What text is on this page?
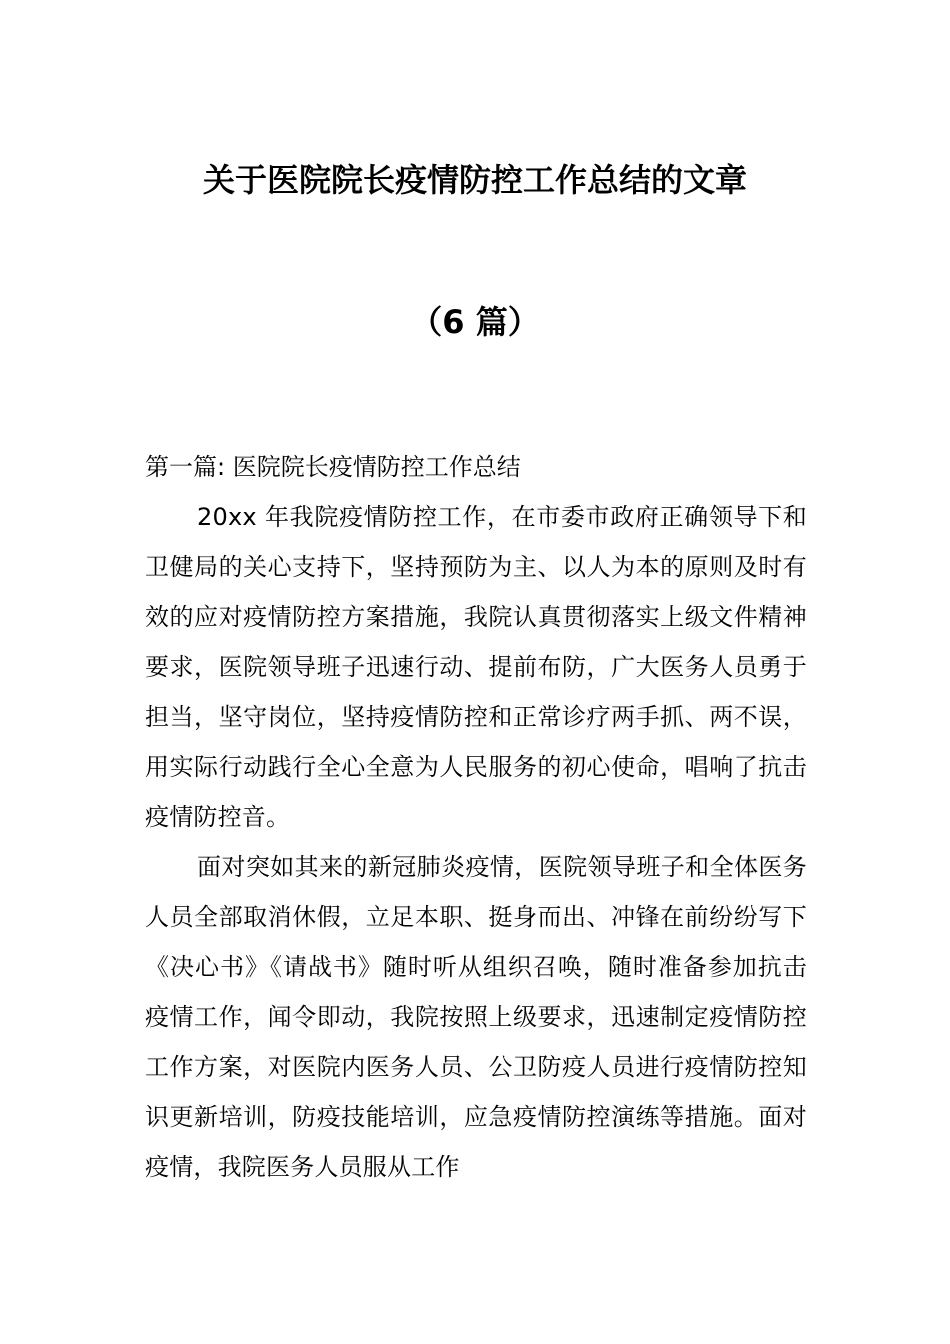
关于医院院长疫情防控工作总结的文章
（6 篇）
第一篇: 医院院长疫情防控工作总结

20xx 年我院疫情防控工作，在市委市政府正确领导下和卫健局的关心支持下，坚持预防为主、以人为本的原则及时有效的应对疫情防控方案措施，我院认真贯彻落实上级文件精神要求，医院领导班子迅速行动、提前布防，广大医务人员勇于担当，坚守岗位，坚持疫情防控和正常诊疗两手抓、两不误，用实际行动践行全心全意为人民服务的初心使命，唱响了抗击疫情防控音。

面对突如其来的新冠肺炎疫情，医院领导班子和全体医务人员全部取消休假，立足本职、挺身而出、冲锋在前纷纷写下《决心书》《请战书》随时听从组织召唤，随时准备参加抗击疫情工作，闻令即动，我院按照上级要求，迅速制定疫情防控工作方案，对医院内医务人员、公卫防疫人员进行疫情防控知识更新培训，防疫技能培训，应急疫情防控演练等措施。面对疫情，我院医务人员服从工作
